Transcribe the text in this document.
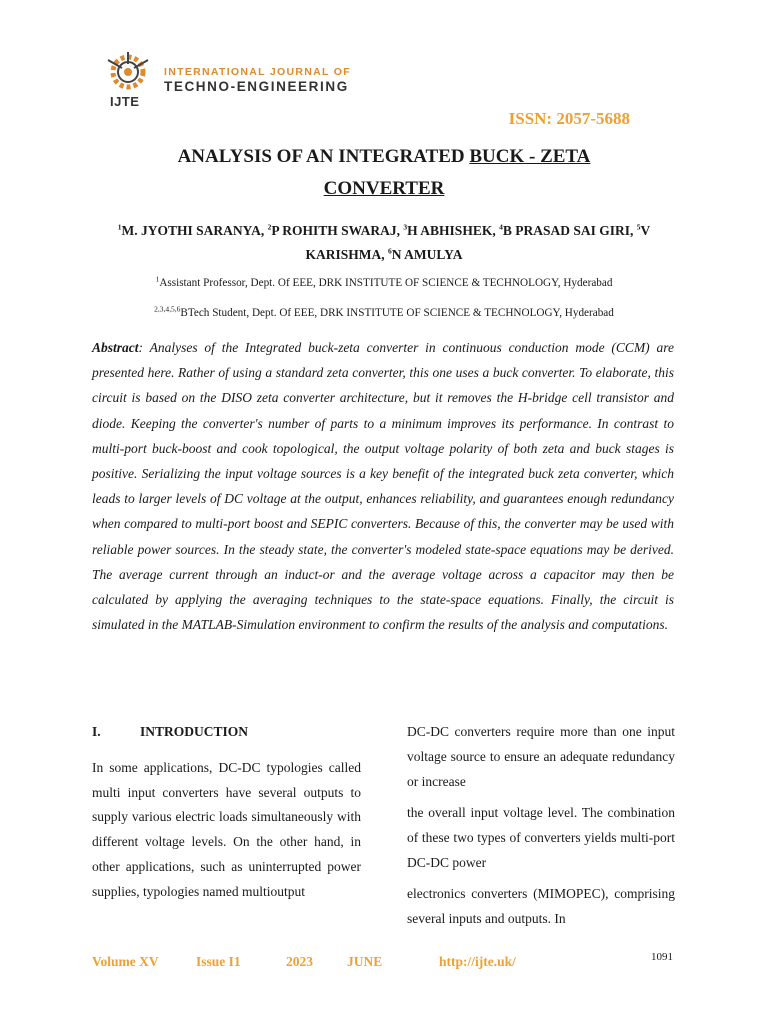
IJTE
INTERNATIONAL JOURNAL OF
TECHNO-ENGINEERING
ISSN: 2057-5688
ANALYSIS OF AN INTEGRATED BUCK - ZETA
CONVERTER
$^1$M. JYOTHI SARANYA, $^2$P ROHITH SWARAJ, $^3$H ABHISHEK, $^4$B PRASAD SAI GIRI, $^5$V KARISHMA, $^6$N AMULYA
$^1$Assistant Professor, Dept. Of EEE, DRK INSTITUTE OF SCIENCE & TECHNOLOGY, Hyderabad
$^{2,3,4,5,6}$BTech Student, Dept. Of EEE, DRK INSTITUTE OF SCIENCE & TECHNOLOGY, Hyderabad
Abstract: Analyses of the Integrated buck-zeta converter in continuous conduction mode (CCM) are presented here. Rather of using a standard zeta converter, this one uses a buck converter. To elaborate, this circuit is based on the DISO zeta converter architecture, but it removes the H-bridge cell transistor and diode. Keeping the converter's number of parts to a minimum improves its performance. In contrast to multi-port buck-boost and cook topological, the output voltage polarity of both zeta and buck stages is positive. Serializing the input voltage sources is a key benefit of the integrated buck zeta converter, which leads to larger levels of DC voltage at the output, enhances reliability, and guarantees enough redundancy when compared to multi-port boost and SEPIC converters. Because of this, the converter may be used with reliable power sources. In the steady state, the converter's modeled state-space equations may be derived. The average current through an induct-or and the average voltage across a capacitor may then be calculated by applying the averaging techniques to the state-space equations. Finally, the circuit is simulated in the MATLAB-Simulation environment to confirm the results of the analysis and computations.
I.	INTRODUCTION

In some applications, DC-DC typologies called multi input converters have several outputs to supply various electric loads simultaneously with different voltage levels. On the other hand, in other applications, such as uninterrupted power supplies, typologies named multioutput

DC-DC converters require more than one input voltage source to ensure an adequate redundancy or increase

the overall input voltage level. The combination of these two types of converters yields multi-port DC-DC power

electronics converters (MIMOPEC), comprising several inputs and outputs. In

Volume XV	Issue I1	2023	JUNE	http://ijte.uk/	1091
